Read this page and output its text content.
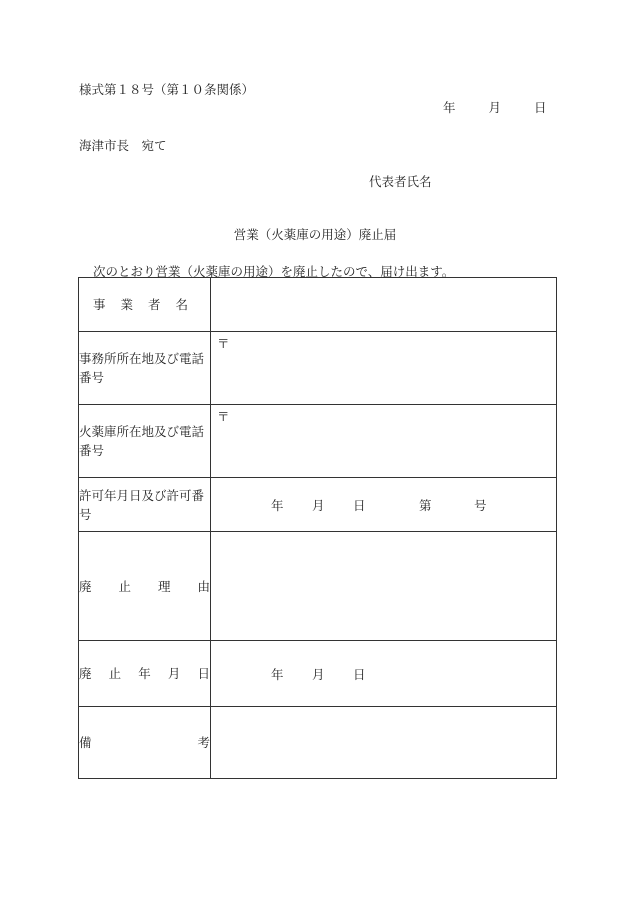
様式第１８号（第１０条関係）
年	月	日
海津市長　宛て
代表者氏名
営業（火薬庫の用途）廃止届
次のとおり営業（火薬庫の用途）を廃止したので、届け出ます。
事 業 者 名	

事務所所在地及び電話番号	〒

火薬庫所在地及び電話番号	〒

許可年月日及び許可番号	年 月 日 第 号

廃 止 理 由	

廃 止 年 月 日	年 月 日

備 考	
